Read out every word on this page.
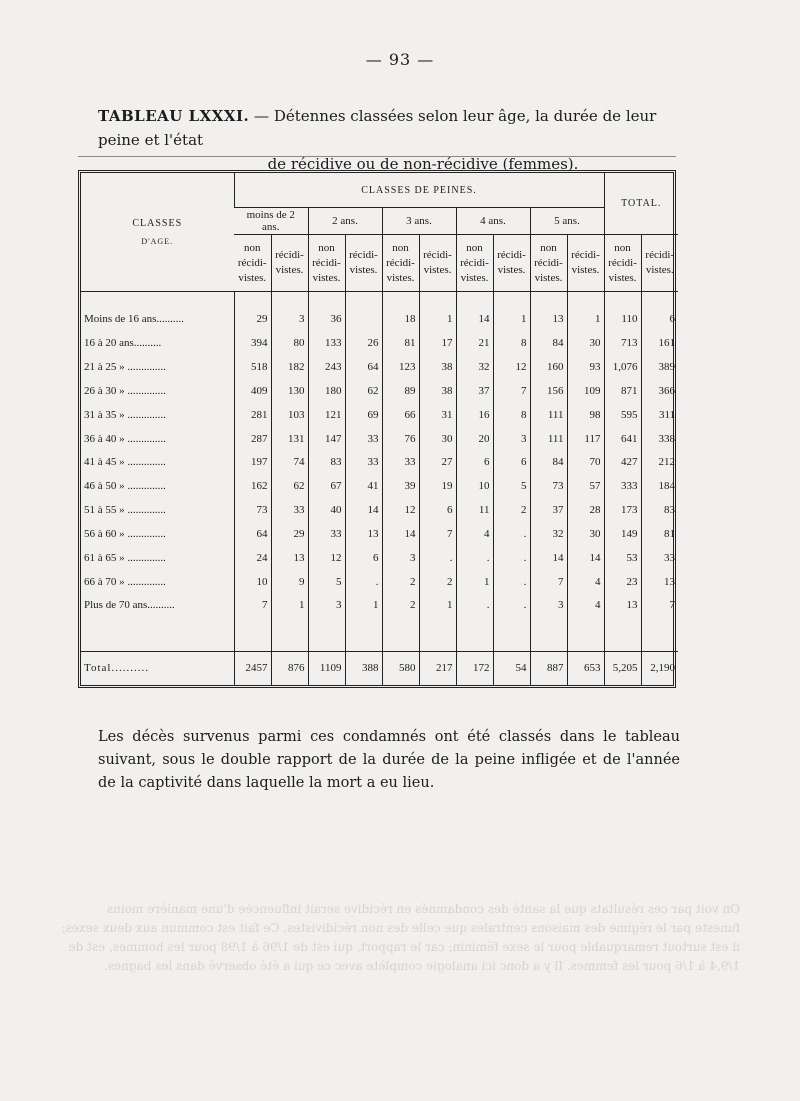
On voit par ces résultats que la santé des condamnés en récidive serait influencée d'une manière moins funeste par le régime des maisons centrales que celle des non récidivistes. Ce fait est commun aux deux sexes; il est surtout remarquable pour le sexe féminin; car le rapport, qui est de 1/96 à 1/98 pour les hommes, est de 1/9,4 à 1/6 pour les femmes. Il y a donc ici analogie complète avec ce qui a été observé dans les bagnes.
— 93 —
TABLEAU LXXXI. — Détennes classées selon leur âge, la durée de leur peine et l'état
de récidive ou de non-récidive (femmes).
CLASSES
D'AGE.	CLASSES DE PEINES.										TOTAL.	
	moins de 2 ans.		2 ans.		3 ans.		4 ans.		5 ans.			
	non récidi-vistes.	récidi-vistes.	non récidi-vistes.	récidi-vistes.	non récidi-vistes.	récidi-vistes.	non récidi-vistes.	récidi-vistes.	non récidi-vistes.	récidi-vistes.	non récidi-vistes.	récidi-vistes.

Moins de 16 ans..........	29	3	36		18	1	14	1	13	1	110	6
16 à 20 ans..........	394	80	133	26	81	17	21	8	84	30	713	161
21 à 25 » ..............	518	182	243	64	123	38	32	12	160	93	1,076	389
26 à 30 » ..............	409	130	180	62	89	38	37	7	156	109	871	366
31 à 35 » ..............	281	103	121	69	66	31	16	8	111	98	595	311
36 à 40 » ..............	287	131	147	33	76	30	20	3	111	117	641	338
41 à 45 » ..............	197	74	83	33	33	27	6	6	84	70	427	212
46 à 50 » ..............	162	62	67	41	39	19	10	5	73	57	333	184
51 à 55 » ..............	73	33	40	14	12	6	11	2	37	28	173	83
56 à 60 » ..............	64	29	33	13	14	7	4	.	32	30	149	81
61 à 65 » ..............	24	13	12	6	3	.	.	.	14	14	53	33
66 à 70 » ..............	10	9	5	.	2	2	1	.	7	4	23	13
Plus de 70 ans..........	7	1	3	1	2	1	.	.	3	4	13	7

Total..........	2457	876	1109	388	580	217	172	54	887	653	5,205	2,190
Les décès survenus parmi ces condamnés ont été classés dans le tableau suivant, sous le double rapport de la durée de la peine infligée et de l'année de la captivité dans laquelle la mort a eu lieu.
